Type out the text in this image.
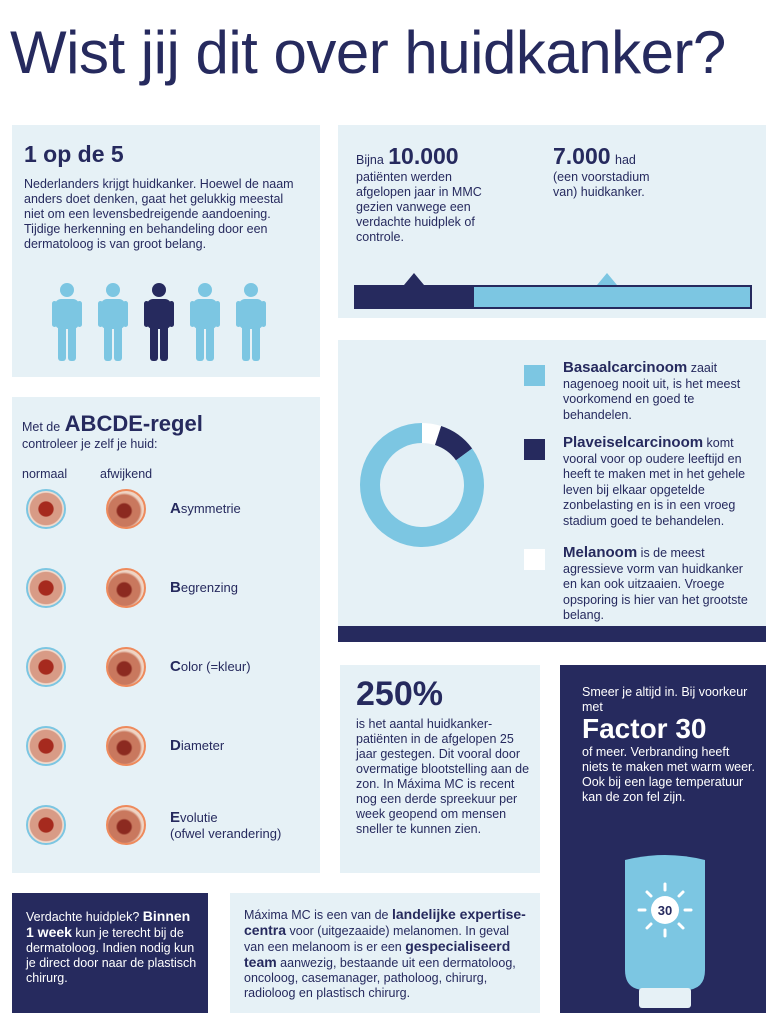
Wist jij dit over huidkanker?
1 op de 5
Nederlanders krijgt huidkanker. Hoewel de naam anders doet denken, gaat het gelukkig meestal niet om een levensbedreigende aandoening. Tijdige herkenning en behandeling door een dermatoloog is van groot belang.
Bijna 10.000
patiënten werden afgelopen jaar in MMC gezien vanwege een verdachte huidplek of controle.
7.000 had
(een voorstadium van) huidkanker.
Basaalcarcinoom zaait nagenoeg nooit uit, is het meest voorkomend en goed te behandelen.
Plaveiselcarcinoom komt vooral voor op oudere leeftijd en heeft te maken met in het gehele leven bij elkaar opgetelde zonbelasting en is in een vroeg stadium goed te behandelen.
Melanoom is de meest agressieve vorm van huidkanker en kan ook uitzaaien. Vroege opsporing is hier van het grootste belang.
Met de ABCDE-regel
controleer je zelf je huid:
normaal	afwijkend
Asymmetrie
Begrenzing
Color (=kleur)
Diameter
Evolutie
(ofwel verandering)
250%
is het aantal huidkanker-patiënten in de afgelopen 25 jaar gestegen. Dit vooral door overmatige blootstelling aan de zon. In Máxima MC is recent nog een derde spreekuur per week geopend om mensen sneller te kunnen zien.
Smeer je altijd in. Bij voorkeur met
Factor 30
of meer. Verbranding heeft niets te maken met warm weer. Ook bij een lage temperatuur kan de zon fel zijn.
30
Verdachte huidplek? Binnen 1 week kun je terecht bij de dermatoloog. Indien nodig kun je direct door naar de plastisch chirurg.
Máxima MC is een van de landelijke expertise-centra voor (uitgezaaide) melanomen. In geval van een melanoom is er een gespecialiseerd team aanwezig, bestaande uit een dermatoloog, oncoloog, casemanager, patholoog, chirurg, radioloog en plastisch chirurg.
